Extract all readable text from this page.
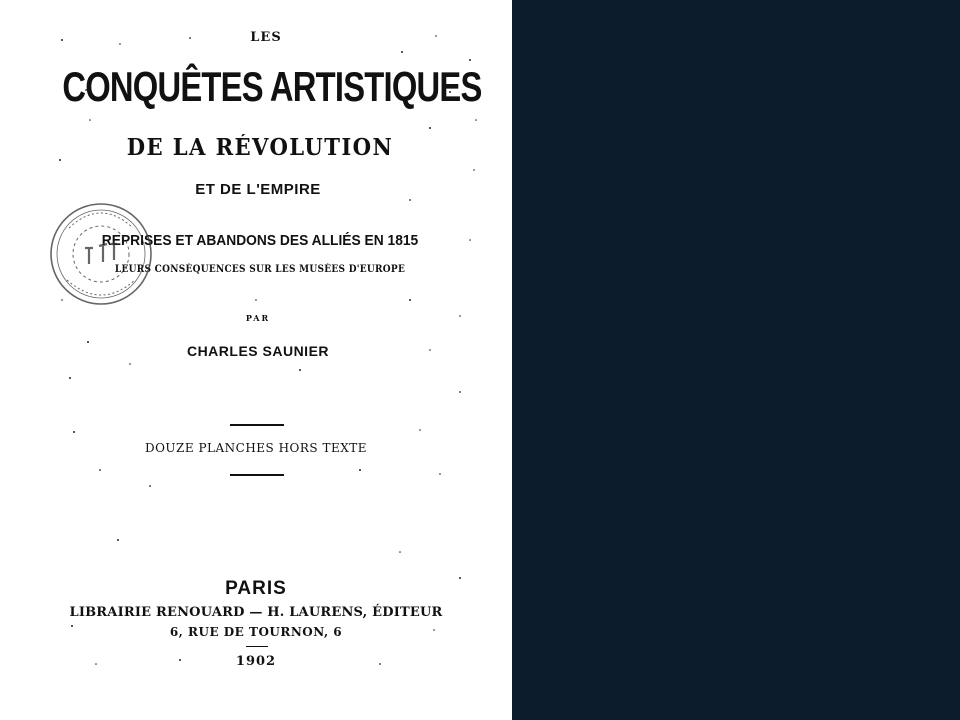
LES
CONQUÊTES ARTISTIQUES
DE LA RÉVOLUTION
ET DE L'EMPIRE
REPRISES ET ABANDONS DES ALLIÉS EN 1815
LEURS CONSÉQUENCES SUR LES MUSÉES D'EUROPE
PAR
CHARLES SAUNIER
DOUZE PLANCHES HORS TEXTE
PARIS
LIBRAIRIE RENOUARD — H. LAURENS, ÉDITEUR
6, RUE DE TOURNON, 6
1902
